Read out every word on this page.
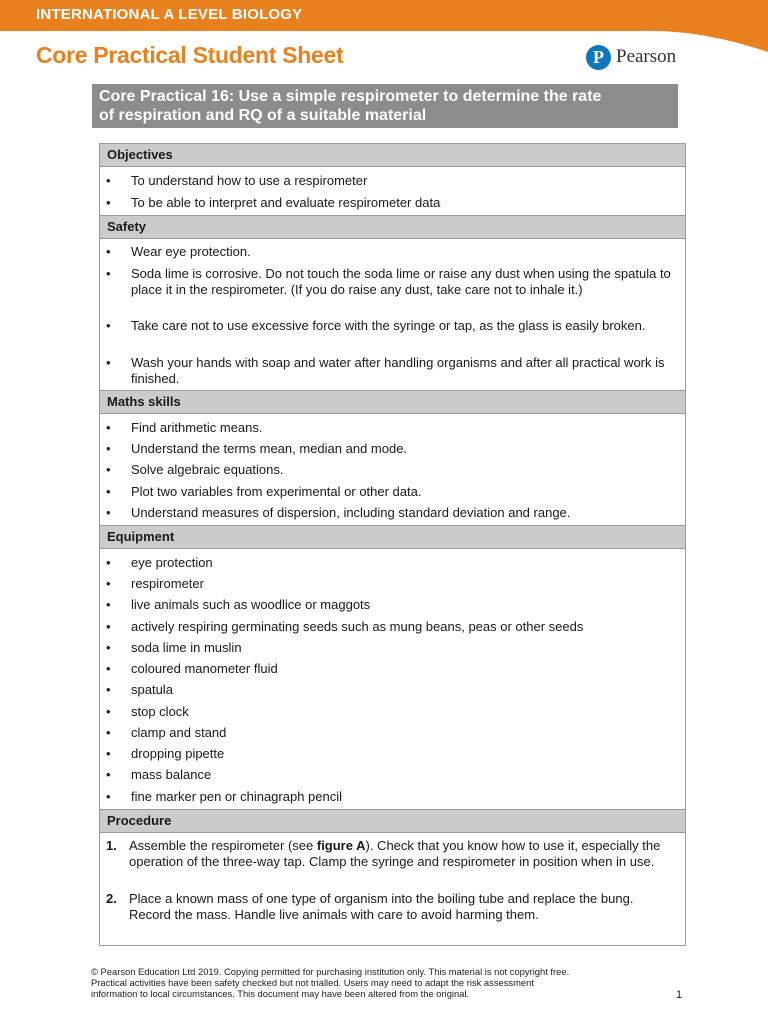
INTERNATIONAL A LEVEL BIOLOGY
Core Practical Student Sheet	P Pearson
Core Practical 16: Use a simple respirometer to determine the rate
of respiration and RQ of a suitable material
Objectives
• To understand how to use a respirometer
• To be able to interpret and evaluate respirometer data
Safety
• Wear eye protection.
• Soda lime is corrosive. Do not touch the soda lime or raise any dust when using the spatula to place it in the respirometer. (If you do raise any dust, take care not to inhale it.)
• Take care not to use excessive force with the syringe or tap, as the glass is easily broken.
• Wash your hands with soap and water after handling organisms and after all practical work is finished.
Maths skills
• Find arithmetic means.
• Understand the terms mean, median and mode.
• Solve algebraic equations.
• Plot two variables from experimental or other data.
• Understand measures of dispersion, including standard deviation and range.
Equipment
• eye protection
• respirometer
• live animals such as woodlice or maggots
• actively respiring germinating seeds such as mung beans, peas or other seeds
• soda lime in muslin
• coloured manometer fluid
• spatula
• stop clock
• clamp and stand
• dropping pipette
• mass balance
• fine marker pen or chinagraph pencil
Procedure
1. Assemble the respirometer (see figure A). Check that you know how to use it, especially the operation of the three-way tap. Clamp the syringe and respirometer in position when in use.
2. Place a known mass of one type of organism into the boiling tube and replace the bung. Record the mass. Handle live animals with care to avoid harming them.
© Pearson Education Ltd 2019. Copying permitted for purchasing institution only. This material is not copyright free.
Practical activities have been safety checked but not trialled. Users may need to adapt the risk assessment
information to local circumstances. This document may have been altered from the original.	1
